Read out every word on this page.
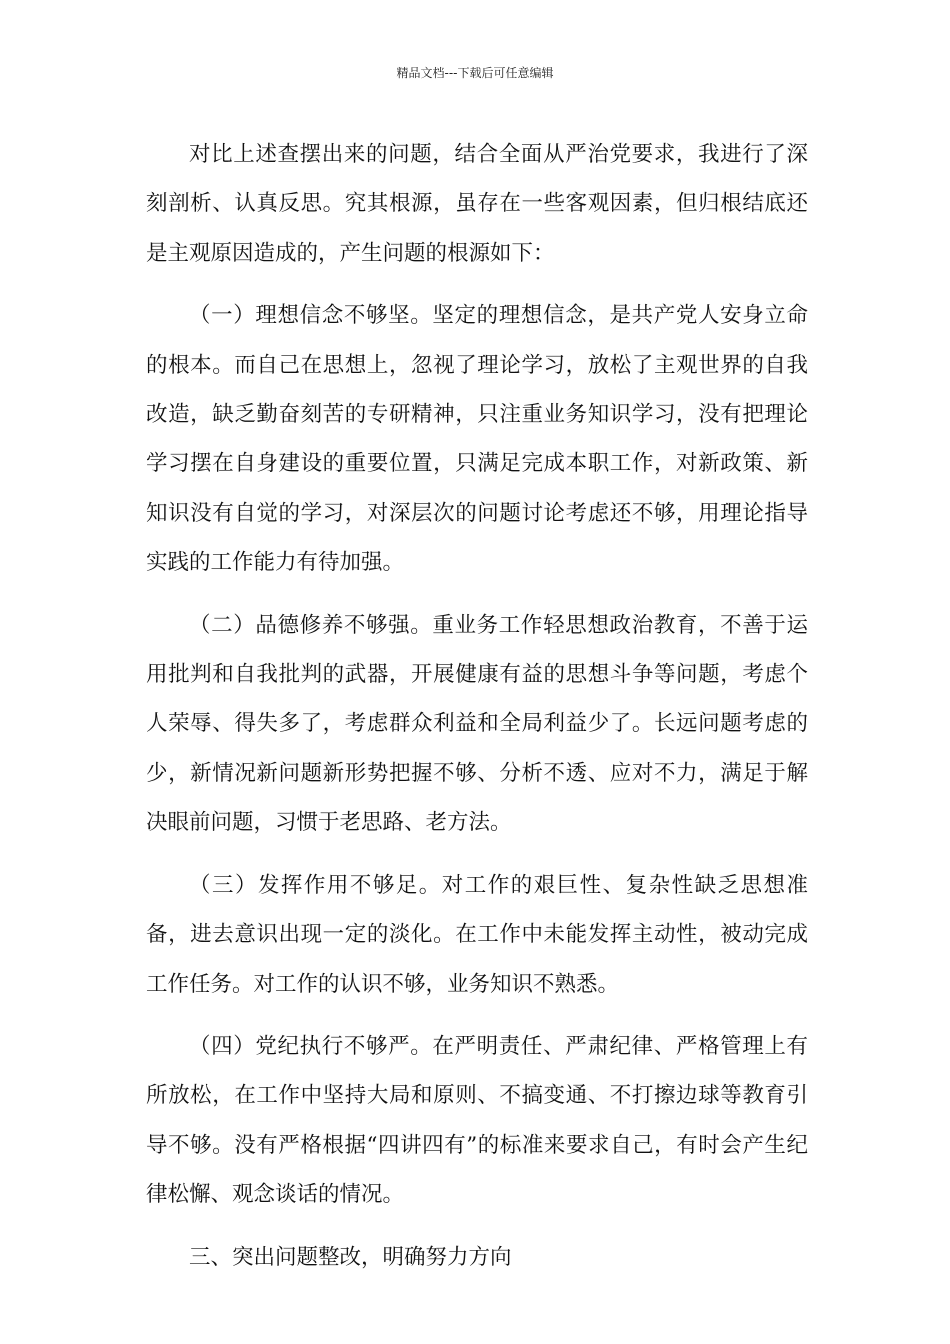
精品文档---下载后可任意编辑

对比上述查摆出来的问题，结合全面从严治党要求，我进行了深刻剖析、认真反思。究其根源，虽存在一些客观因素，但归根结底还是主观原因造成的，产生问题的根源如下：

（一）理想信念不够坚。坚定的理想信念，是共产党人安身立命的根本。而自己在思想上，忽视了理论学习，放松了主观世界的自我改造，缺乏勤奋刻苦的专研精神，只注重业务知识学习，没有把理论学习摆在自身建设的重要位置，只满足完成本职工作，对新政策、新知识没有自觉的学习，对深层次的问题讨论考虑还不够，用理论指导实践的工作能力有待加强。

（二）品德修养不够强。重业务工作轻思想政治教育，不善于运用批判和自我批判的武器，开展健康有益的思想斗争等问题，考虑个人荣辱、得失多了，考虑群众利益和全局利益少了。长远问题考虑的少，新情况新问题新形势把握不够、分析不透、应对不力，满足于解决眼前问题，习惯于老思路、老方法。

（三）发挥作用不够足。对工作的艰巨性、复杂性缺乏思想准备，进去意识出现一定的淡化。在工作中未能发挥主动性，被动完成工作任务。对工作的认识不够，业务知识不熟悉。

（四）党纪执行不够严。在严明责任、严肃纪律、严格管理上有所放松，在工作中坚持大局和原则、不搞变通、不打擦边球等教育引导不够。没有严格根据“四讲四有”的标准来要求自己，有时会产生纪律松懈、观念谈话的情况。

三、突出问题整改，明确努力方向
